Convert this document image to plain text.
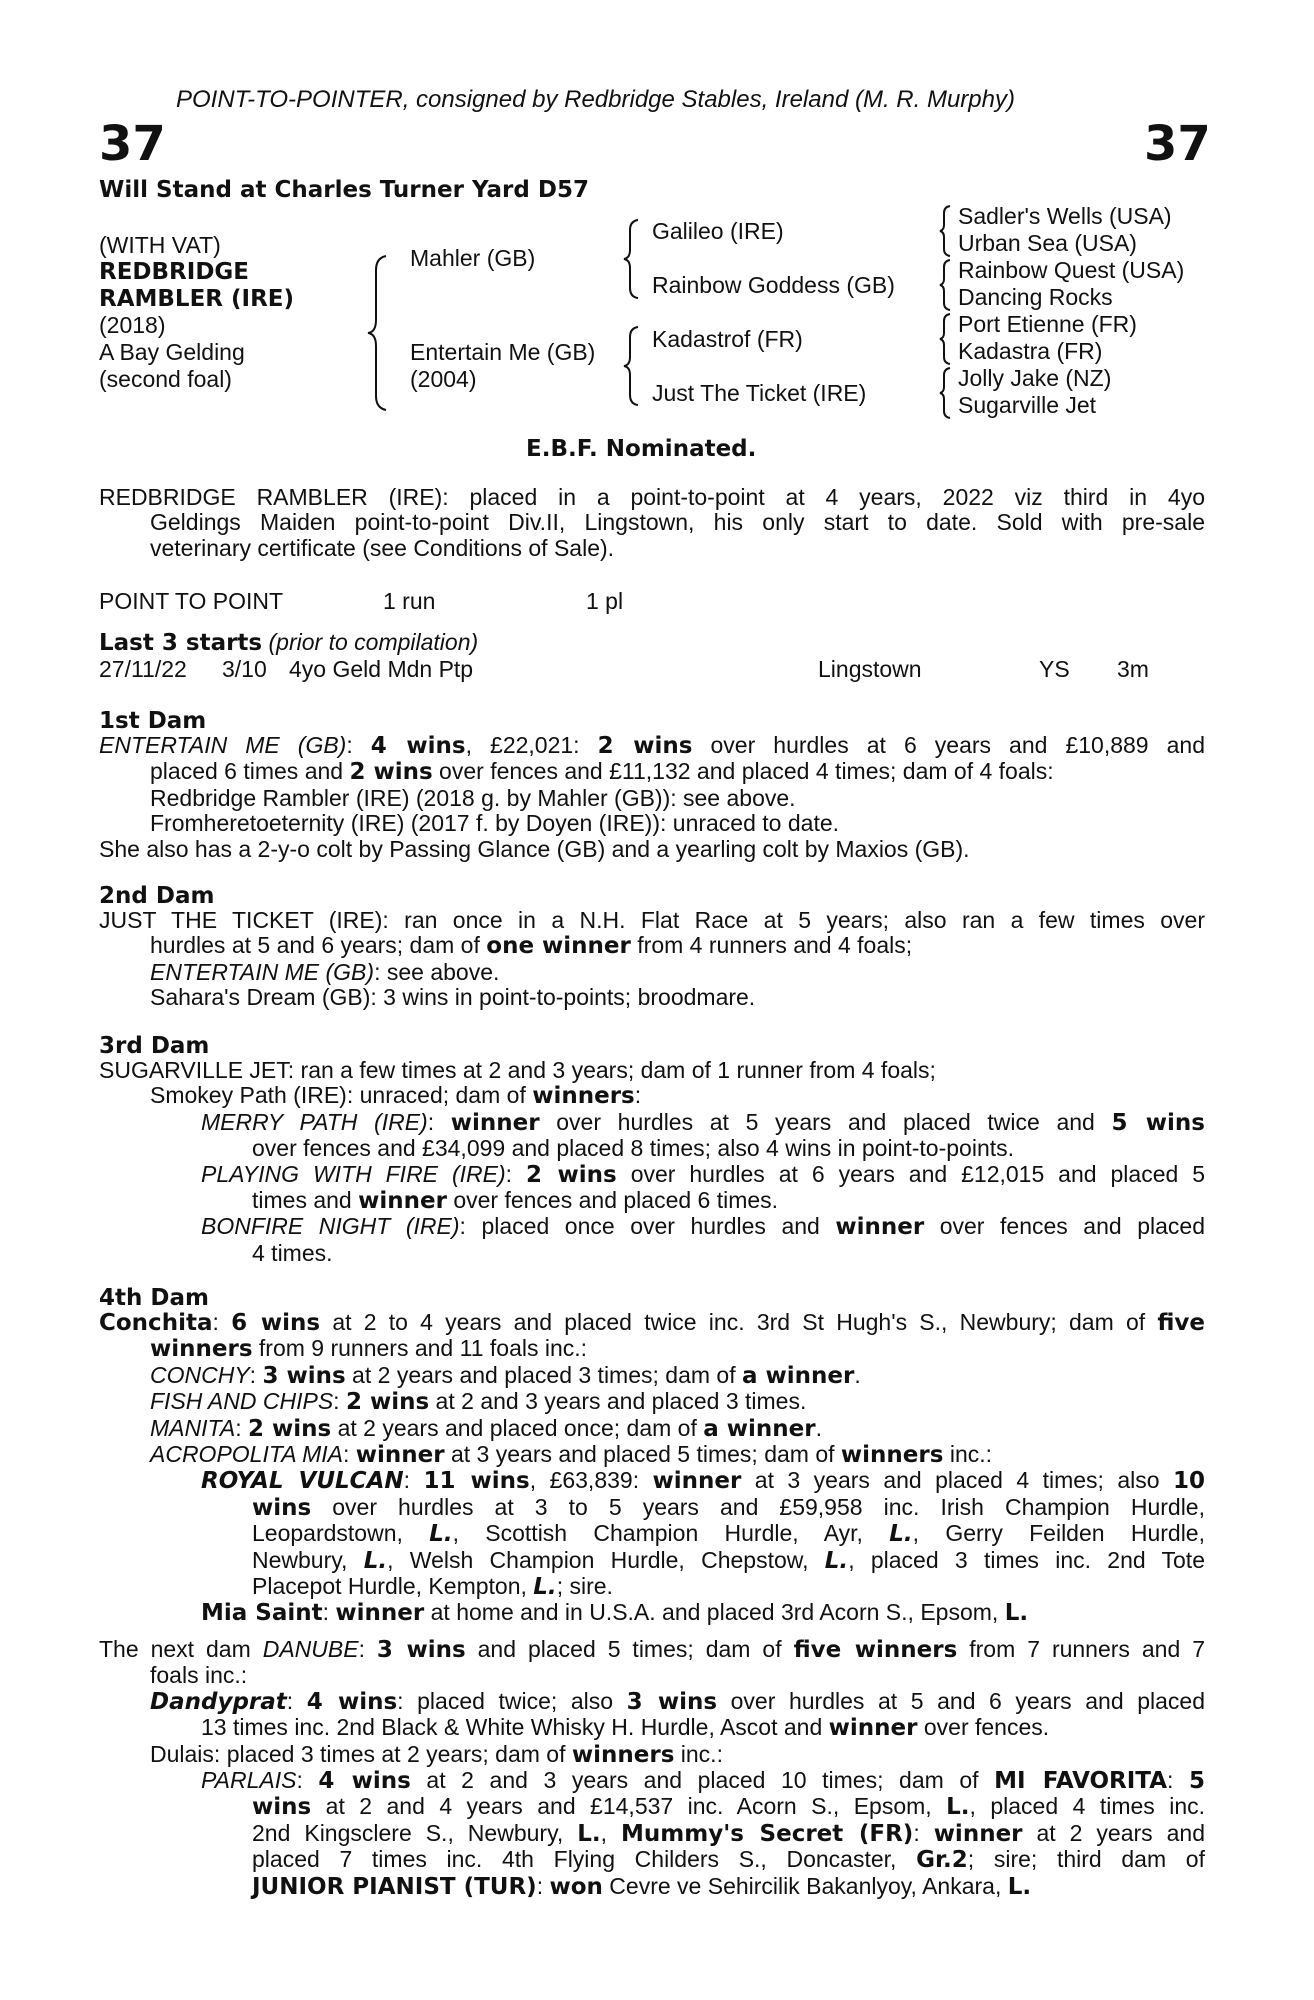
POINT-TO-POINTER, consigned by Redbridge Stables, Ireland (M. R. Murphy)
37	37
Will Stand at Charles Turner Yard D57
(WITH VAT)
REDBRIDGE
RAMBLER (IRE)
(2018)
A Bay Gelding
(second foal)
Mahler (GB)
Entertain Me (GB)
(2004)
Galileo (IRE)
Rainbow Goddess (GB)
Kadastrof (FR)
Just The Ticket (IRE)
Sadler's Wells (USA)
Urban Sea (USA)
Rainbow Quest (USA)
Dancing Rocks
Port Etienne (FR)
Kadastra (FR)
Jolly Jake (NZ)
Sugarville Jet
E.B.F. Nominated.
REDBRIDGE RAMBLER (IRE): placed in a point-to-point at 4 years, 2022 viz third in 4yo
Geldings Maiden point-to-point Div.II, Lingstown, his only start to date. Sold with pre-sale
veterinary certificate (see Conditions of Sale).
POINT TO POINT	1 run	1 pl
Last 3 starts (prior to compilation)
27/11/22 3/10 4yo Geld Mdn Ptp	Lingstown	YS 3m
1st Dam
ENTERTAIN ME (GB): 4 wins, £22,021: 2 wins over hurdles at 6 years and £10,889 and
placed 6 times and 2 wins over fences and £11,132 and placed 4 times; dam of 4 foals:
Redbridge Rambler (IRE) (2018 g. by Mahler (GB)): see above.
Fromheretoeternity (IRE) (2017 f. by Doyen (IRE)): unraced to date.
She also has a 2-y-o colt by Passing Glance (GB) and a yearling colt by Maxios (GB).
2nd Dam
JUST THE TICKET (IRE): ran once in a N.H. Flat Race at 5 years; also ran a few times over
hurdles at 5 and 6 years; dam of one winner from 4 runners and 4 foals;
ENTERTAIN ME (GB): see above.
Sahara's Dream (GB): 3 wins in point-to-points; broodmare.
3rd Dam
SUGARVILLE JET: ran a few times at 2 and 3 years; dam of 1 runner from 4 foals;
Smokey Path (IRE): unraced; dam of winners:
MERRY PATH (IRE): winner over hurdles at 5 years and placed twice and 5 wins
over fences and £34,099 and placed 8 times; also 4 wins in point-to-points.
PLAYING WITH FIRE (IRE): 2 wins over hurdles at 6 years and £12,015 and placed 5
times and winner over fences and placed 6 times.
BONFIRE NIGHT (IRE): placed once over hurdles and winner over fences and placed
4 times.
4th Dam
Conchita: 6 wins at 2 to 4 years and placed twice inc. 3rd St Hugh's S., Newbury; dam of five
winners from 9 runners and 11 foals inc.:
CONCHY: 3 wins at 2 years and placed 3 times; dam of a winner.
FISH AND CHIPS: 2 wins at 2 and 3 years and placed 3 times.
MANITA: 2 wins at 2 years and placed once; dam of a winner.
ACROPOLITA MIA: winner at 3 years and placed 5 times; dam of winners inc.:
ROYAL VULCAN: 11 wins, £63,839: winner at 3 years and placed 4 times; also 10
wins over hurdles at 3 to 5 years and £59,958 inc. Irish Champion Hurdle,
Leopardstown, L., Scottish Champion Hurdle, Ayr, L., Gerry Feilden Hurdle,
Newbury, L., Welsh Champion Hurdle, Chepstow, L., placed 3 times inc. 2nd Tote
Placepot Hurdle, Kempton, L.; sire.
Mia Saint: winner at home and in U.S.A. and placed 3rd Acorn S., Epsom, L.
The next dam DANUBE: 3 wins and placed 5 times; dam of five winners from 7 runners and 7
foals inc.:
Dandyprat: 4 wins: placed twice; also 3 wins over hurdles at 5 and 6 years and placed
13 times inc. 2nd Black & White Whisky H. Hurdle, Ascot and winner over fences.
Dulais: placed 3 times at 2 years; dam of winners inc.:
PARLAIS: 4 wins at 2 and 3 years and placed 10 times; dam of MI FAVORITA: 5
wins at 2 and 4 years and £14,537 inc. Acorn S., Epsom, L., placed 4 times inc.
2nd Kingsclere S., Newbury, L., Mummy's Secret (FR): winner at 2 years and
placed 7 times inc. 4th Flying Childers S., Doncaster, Gr.2; sire; third dam of
JUNIOR PIANIST (TUR): won Cevre ve Sehircilik Bakanlyoy, Ankara, L.
